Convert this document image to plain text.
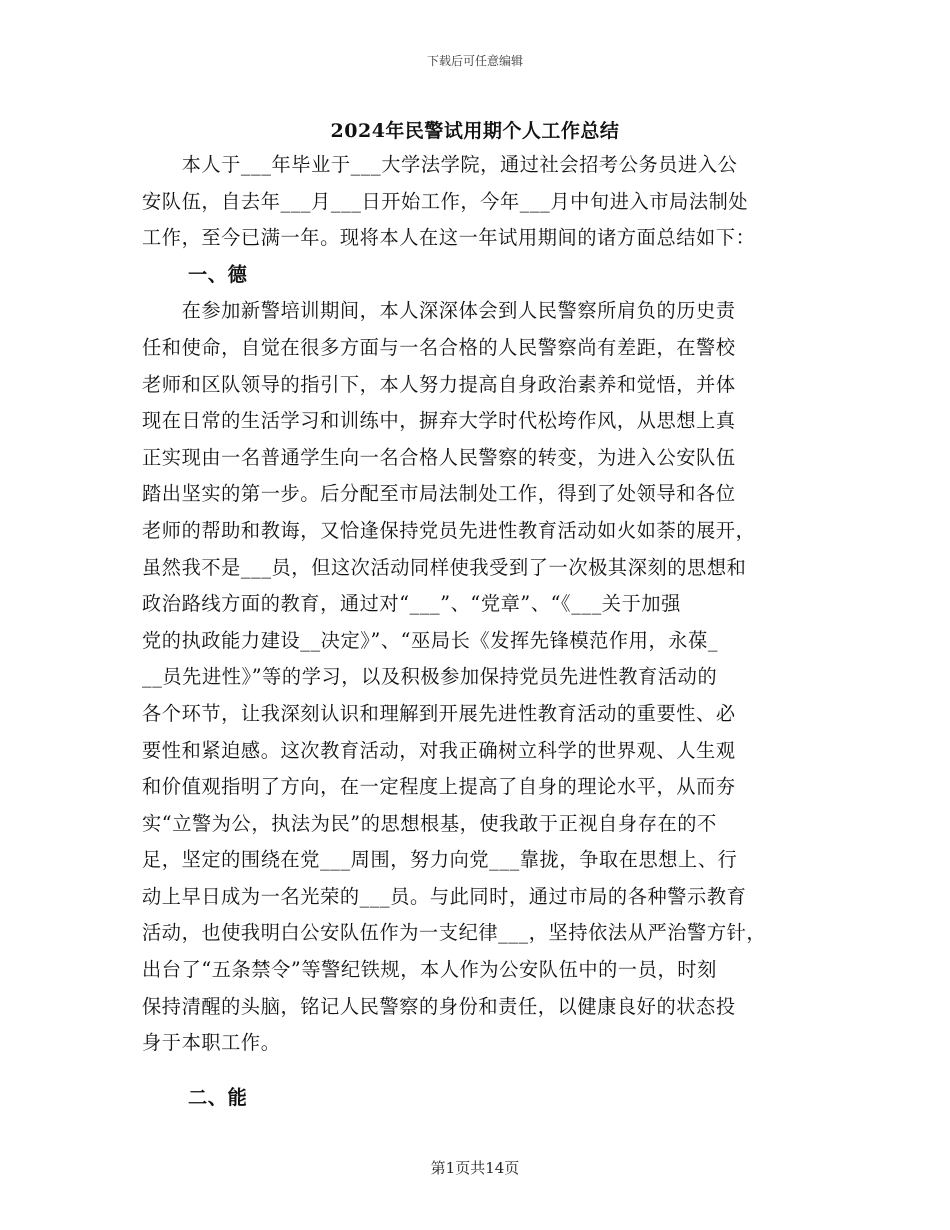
下载后可任意编辑
2024年民警试用期个人工作总结
　　本人于___年毕业于___大学法学院，通过社会招考公务员进入公
安队伍，自去年___月___日开始工作，今年___月中旬进入市局法制处
工作，至今已满一年。现将本人在这一年试用期间的诸方面总结如下：
一、德
　　在参加新警培训期间，本人深深体会到人民警察所肩负的历史责
任和使命，自觉在很多方面与一名合格的人民警察尚有差距，在警校
老师和区队领导的指引下，本人努力提高自身政治素养和觉悟，并体
现在日常的生活学习和训练中，摒弃大学时代松垮作风，从思想上真
正实现由一名普通学生向一名合格人民警察的转变，为进入公安队伍
踏出坚实的第一步。后分配至市局法制处工作，得到了处领导和各位
老师的帮助和教诲，又恰逢保持党员先进性教育活动如火如荼的展开，
虽然我不是___员，但这次活动同样使我受到了一次极其深刻的思想和
政治路线方面的教育，通过对“___”、“党章”、“《___关于加强
党的执政能力建设__决定》”、“巫局长《发挥先锋模范作用，永葆_
__员先进性》”等的学习，以及积极参加保持党员先进性教育活动的
各个环节，让我深刻认识和理解到开展先进性教育活动的重要性、必
要性和紧迫感。这次教育活动，对我正确树立科学的世界观、人生观
和价值观指明了方向，在一定程度上提高了自身的理论水平，从而夯
实“立警为公，执法为民”的思想根基，使我敢于正视自身存在的不
足，坚定的围绕在党___周围，努力向党___靠拢，争取在思想上、行
动上早日成为一名光荣的___员。与此同时，通过市局的各种警示教育
活动，也使我明白公安队伍作为一支纪律___，坚持依法从严治警方针，
出台了“五条禁令”等警纪铁规，本人作为公安队伍中的一员，时刻
保持清醒的头脑，铭记人民警察的身份和责任，以健康良好的状态投
身于本职工作。
二、能
第1页共14页
